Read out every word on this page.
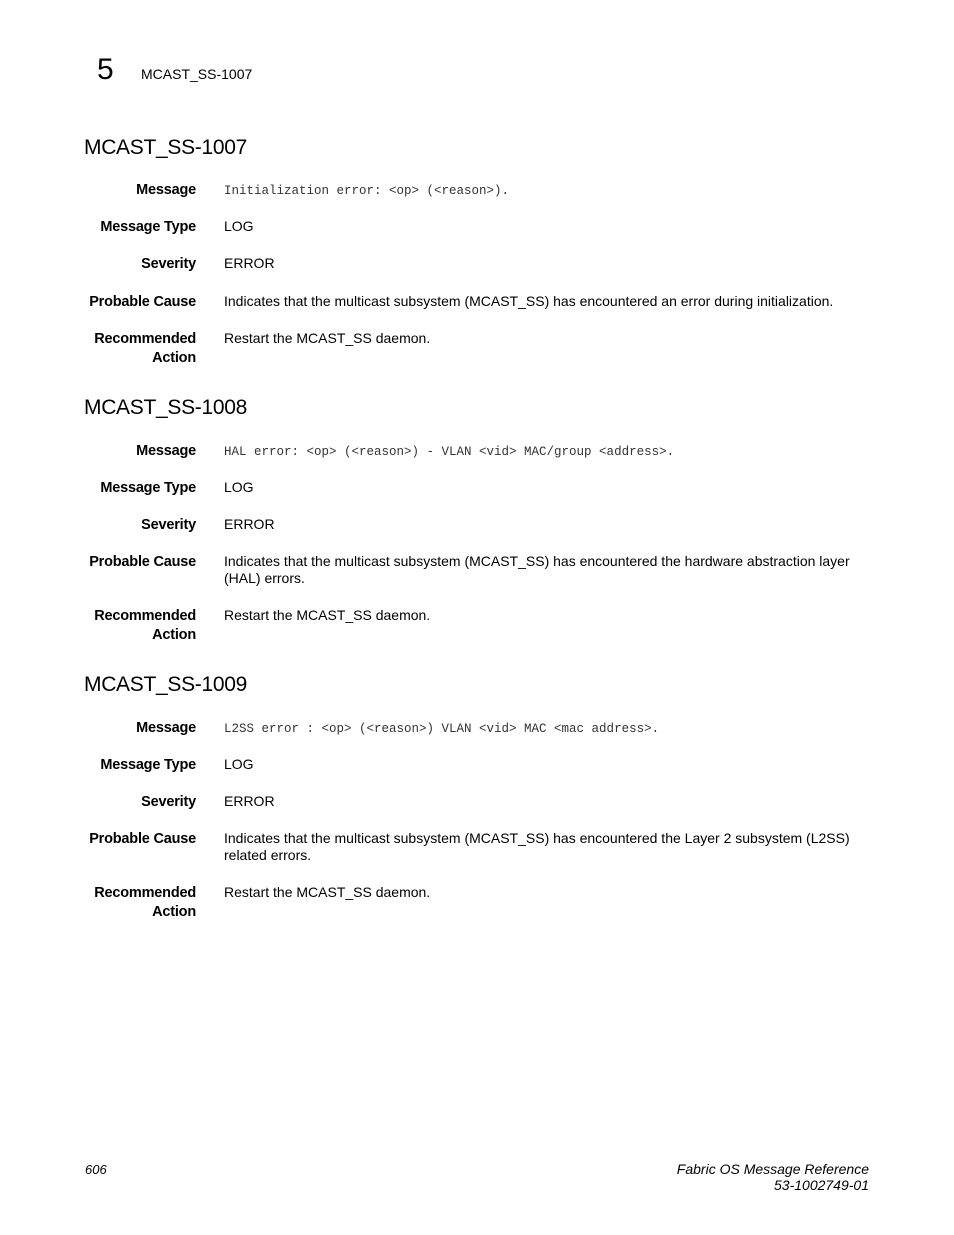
5 MCAST_SS-1007
MCAST_SS-1007
Message Initialization error: <op> (<reason>).
Message Type LOG
Severity ERROR
Probable Cause Indicates that the multicast subsystem (MCAST_SS) has encountered an error during initialization.
Recommended
Action
Restart the MCAST_SS daemon.
MCAST_SS-1008
Message HAL error: <op> (<reason>) - VLAN <vid> MAC/group <address>.
Message Type LOG
Severity ERROR
Probable Cause Indicates that the multicast subsystem (MCAST_SS) has encountered the hardware abstraction layer
(HAL) errors.
Recommended
Action
Restart the MCAST_SS daemon.
MCAST_SS-1009
Message L2SS error : <op> (<reason>) VLAN <vid> MAC <mac address>.
Message Type LOG
Severity ERROR
Probable Cause Indicates that the multicast subsystem (MCAST_SS) has encountered the Layer 2 subsystem (L2SS)
related errors.
Recommended
Action
Restart the MCAST_SS daemon.
606	Fabric OS Message Reference
53-1002749-01
